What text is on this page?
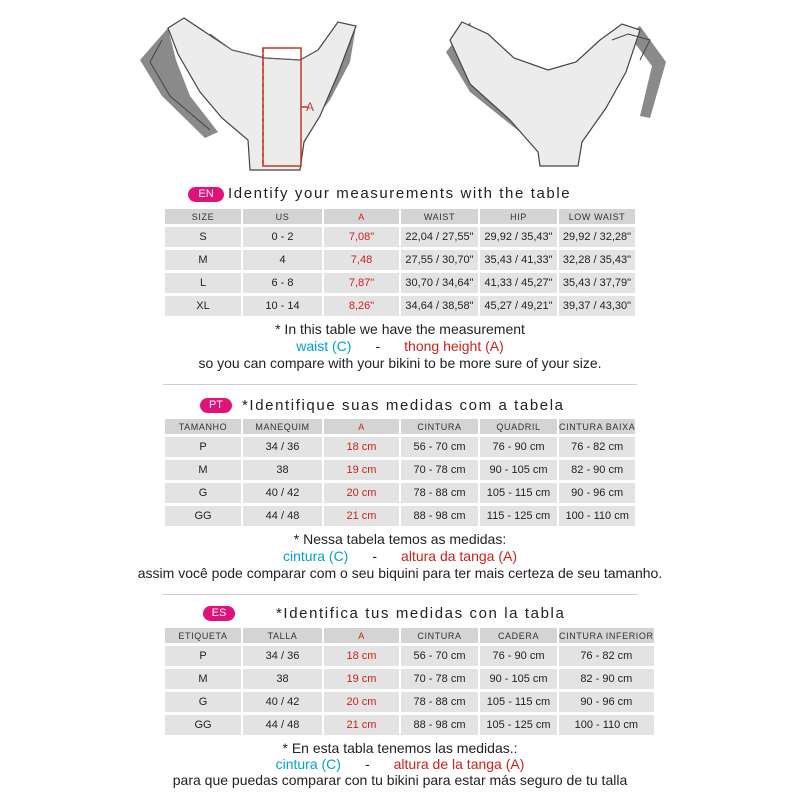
A
EN Identify your measurements with the table
SIZE	US	A	WAIST	HIP	LOW WAIST
S	0 - 2	7,08"	22,04 / 27,55"	29,92 / 35,43"	29,92 / 32,28"
M	4	7,48	27,55 / 30,70"	35,43 / 41,33"	32,28 / 35,43"
L	6 - 8	7,87"	30,70 / 34,64"	41,33 / 45,27"	35,43 / 37,79"
XL	10 - 14	8,26"	34,64 / 38,58"	45,27 / 49,21"	39,37 / 43,30"
* In this table we have the measurement
waist (C) - thong height (A)
so you can compare with your bikini to be more sure of your size.
PT	*Identifique suas medidas com a tabela
TAMANHO	MANEQUIM	A	CINTURA	QUADRIL	CINTURA BAIXA
P	34 / 36	18 cm	56 - 70 cm	76 - 90 cm	76 - 82 cm
M	38	19 cm	70 - 78 cm	90 - 105 cm	82 - 90 cm
G	40 / 42	20 cm	78 - 88 cm	105 - 115 cm	90 - 96 cm
GG	44 / 48	21 cm	88 - 98 cm	115 - 125 cm	100 - 110 cm
* Nessa tabela temos as medidas:
cintura (C) - altura da tanga (A)
assim você pode comparar com o seu biquini para ter mais certeza de seu tamanho.
ES	*Identifica tus medidas con la tabla
ETIQUETA	TALLA	A	CINTURA	CADERA	CINTURA INFERIOR
P	34 / 36	18 cm	56 - 70 cm	76 - 90 cm	76 - 82 cm
M	38	19 cm	70 - 78 cm	90 - 105 cm	82 - 90 cm
G	40 / 42	20 cm	78 - 88 cm	105 - 115 cm	90 - 96 cm
GG	44 / 48	21 cm	88 - 98 cm	105 - 125 cm	100 - 110 cm
* En esta tabla tenemos las medidas.:
cintura (C) - altura de la tanga (A)
para que puedas comparar con tu bikini para estar más seguro de tu talla
